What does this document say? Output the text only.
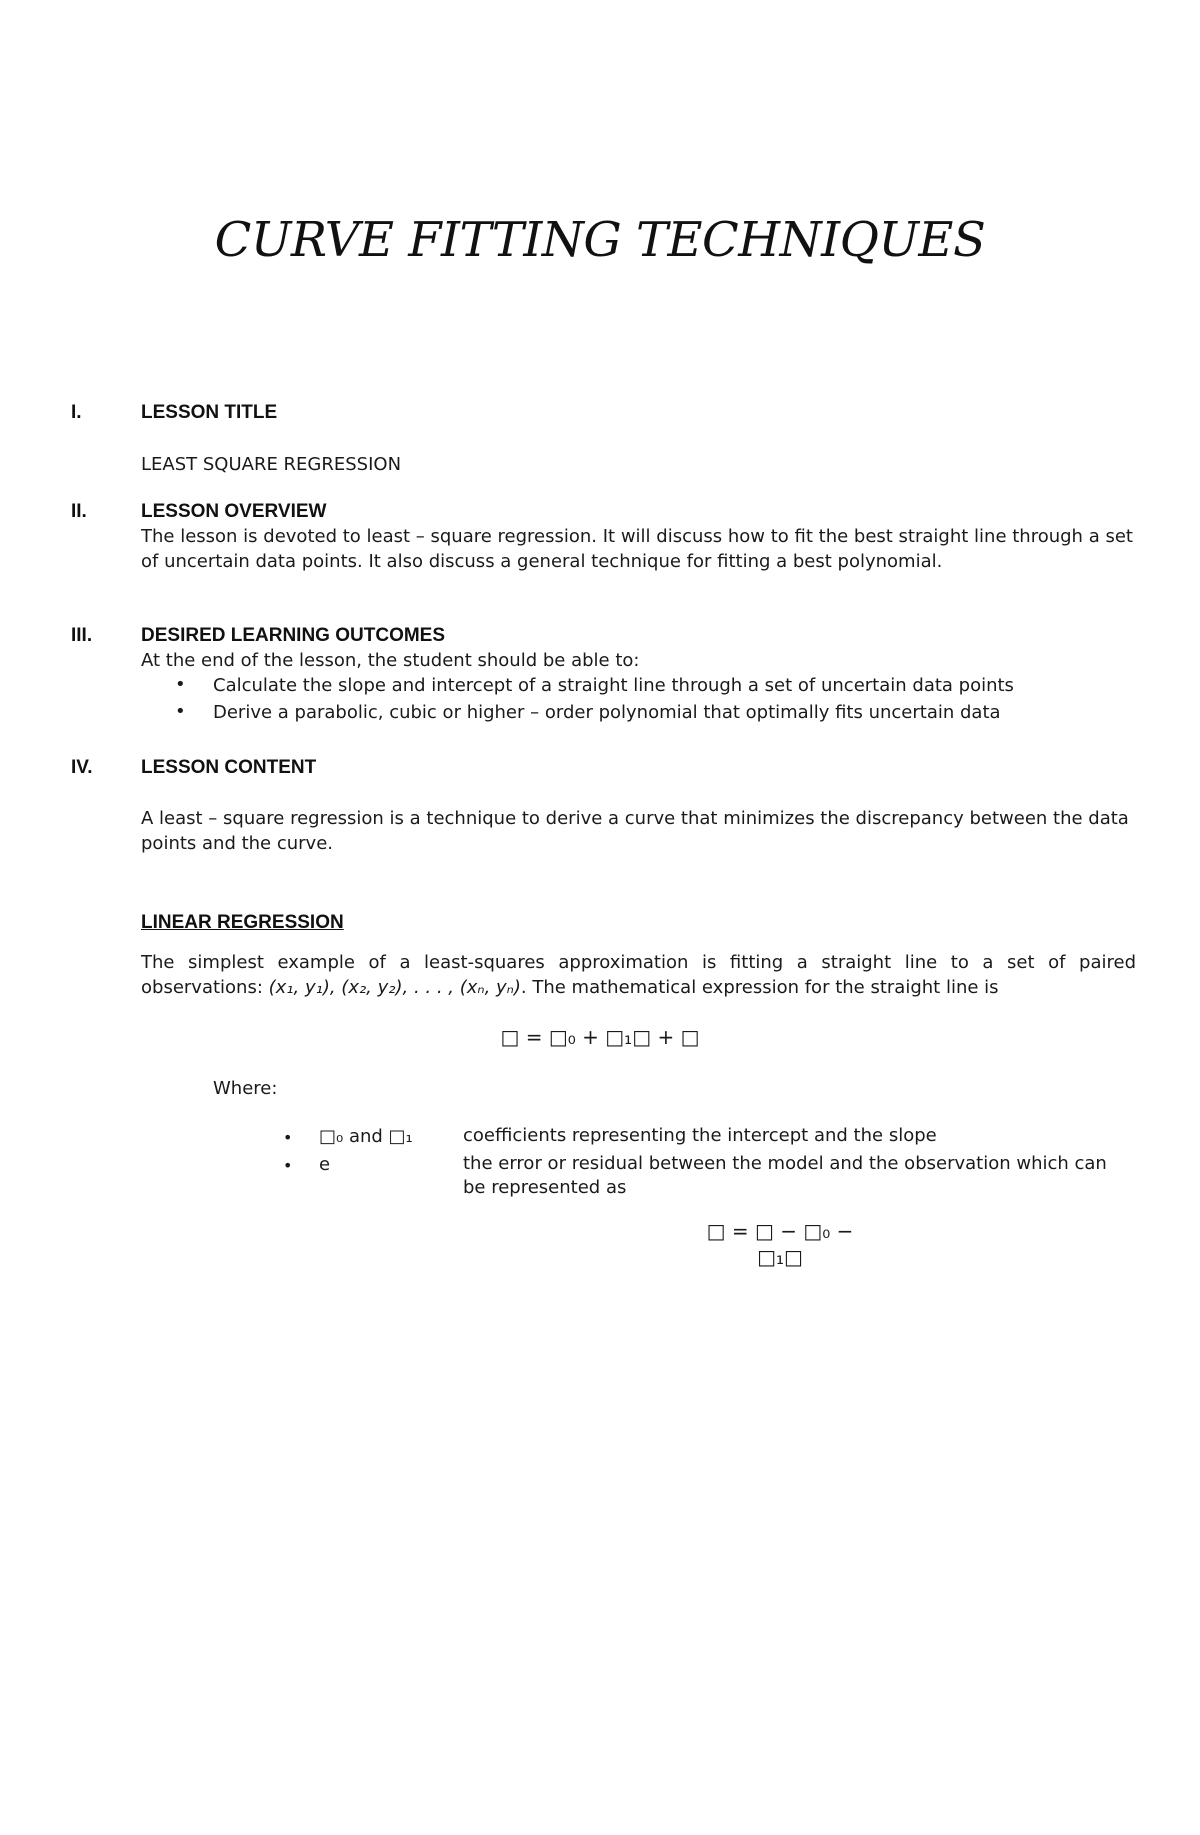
CURVE FITTING TECHNIQUES
I.	LESSON TITLE
LEAST SQUARE REGRESSION
II.	LESSON OVERVIEW
The lesson is devoted to least – square regression. It will discuss how to fit the best straight line through a set of uncertain data points. It also discuss a general technique for fitting a best polynomial.
III.	DESIRED LEARNING OUTCOMES
At the end of the lesson, the student should be able to:
• Calculate the slope and intercept of a straight line through a set of uncertain data points
• Derive a parabolic, cubic or higher – order polynomial that optimally fits uncertain data
IV.	LESSON CONTENT
A least – square regression is a technique to derive a curve that minimizes the discrepancy between the data points and the curve.
LINEAR REGRESSION
The simplest example of a least-squares approximation is fitting a straight line to a set of paired observations: (x₁, y₁), (x₂, y₂), . . . , (xₙ, yₙ). The mathematical expression for the straight line is
□ = □₀ + □₁□ + □
Where:
• □₀ and □₁	coefficients representing the intercept and the slope
• e	the error or residual between the model and the observation which can be represented as
□ = □ − □₀ −
□₁□
